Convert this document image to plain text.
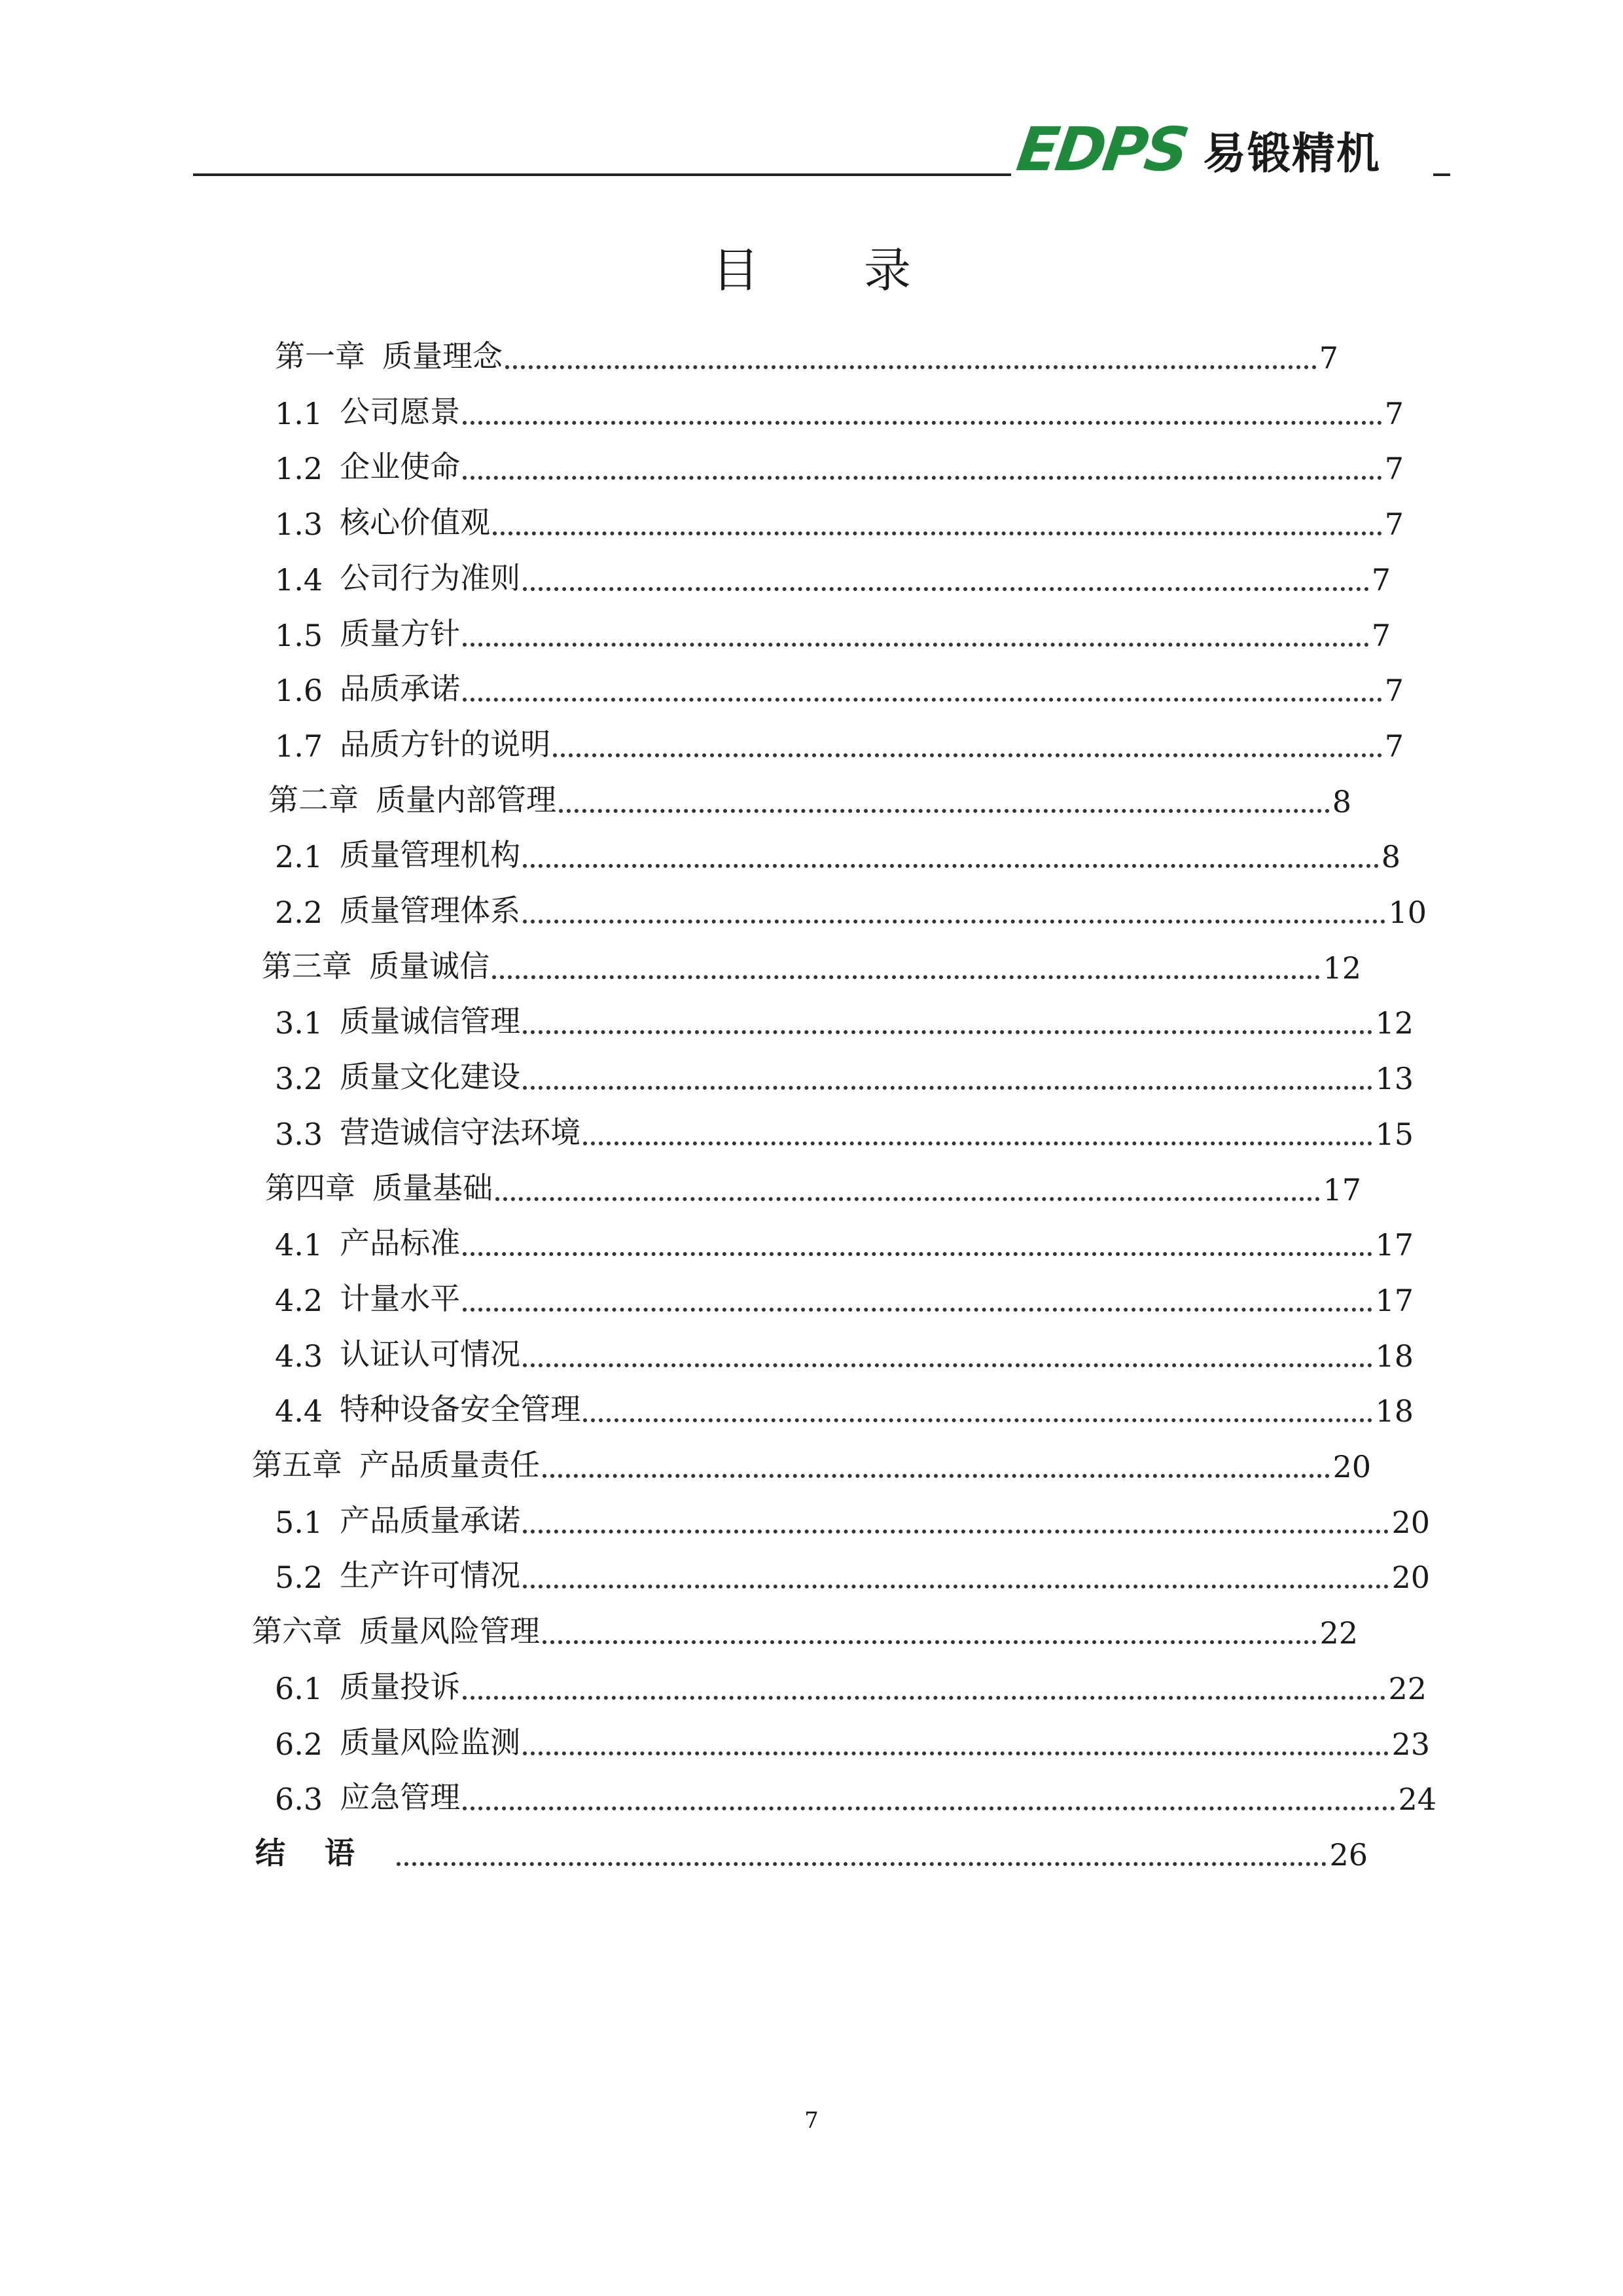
EDPS 易锻精机
目录
第一章 质量理念	7
1.1 公司愿景	7
1.2 企业使命	7
1.3 核心价值观	7
1.4 公司行为准则	7
1.5 质量方针	7
1.6 品质承诺	7
1.7 品质方针的说明	7
第二章 质量内部管理	8
2.1 质量管理机构	8
2.2 质量管理体系	10
第三章 质量诚信	12
3.1 质量诚信管理	12
3.2 质量文化建设	13
3.3 营造诚信守法环境	15
第四章 质量基础	17
4.1 产品标准	17
4.2 计量水平	17
4.3 认证认可情况	18
4.4 特种设备安全管理	18
第五章 产品质量责任	20
5.1 产品质量承诺	20
5.2 生产许可情况	20
第六章 质量风险管理	22
6.1 质量投诉	22
6.2 质量风险监测	23
6.3 应急管理	24
结语	26
7
